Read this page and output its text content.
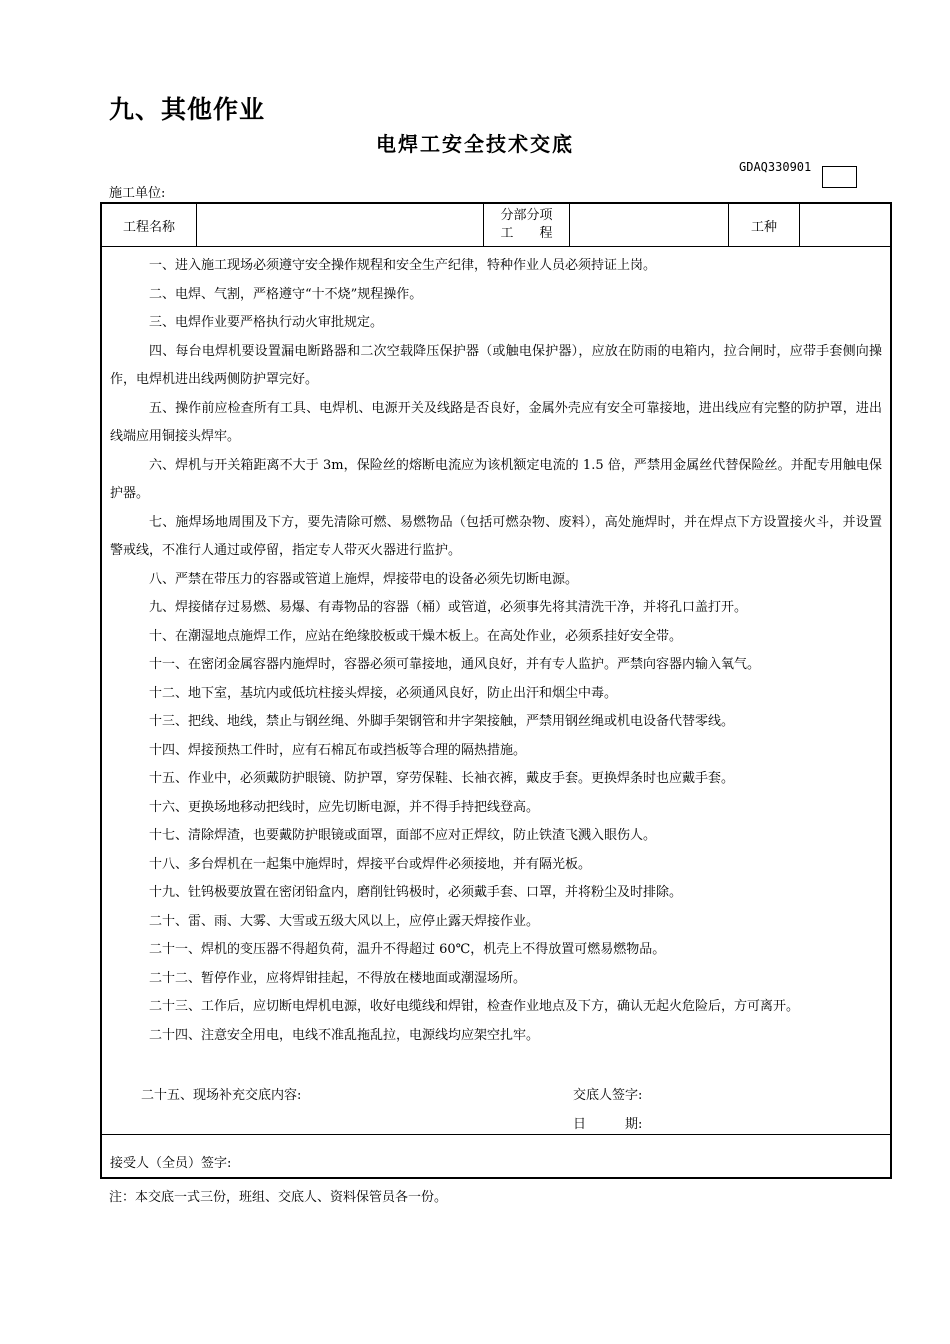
九、其他作业
电焊工安全技术交底
GDAQ330901
施工单位:
工程名称
分部分项
工　　程	工种

一、进入施工现场必须遵守安全操作规程和安全生产纪律，特种作业人员必须持证上岗。

二、电焊、气割，严格遵守“十不烧”规程操作。

三、电焊作业要严格执行动火审批规定。

四、每台电焊机要设置漏电断路器和二次空载降压保护器（或触电保护器），应放在防雨的电箱内，拉合闸时，应带手套侧向操作，电焊机进出线两侧防护罩完好。

五、操作前应检查所有工具、电焊机、电源开关及线路是否良好，金属外壳应有安全可靠接地，进出线应有完整的防护罩，进出线端应用铜接头焊牢。

六、焊机与开关箱距离不大于 3m，保险丝的熔断电流应为该机额定电流的 1.5 倍，严禁用金属丝代替保险丝。并配专用触电保护器。

七、施焊场地周围及下方，要先清除可燃、易燃物品（包括可燃杂物、废料），高处施焊时，并在焊点下方设置接火斗，并设置警戒线，不准行人通过或停留，指定专人带灭火器进行监护。

八、严禁在带压力的容器或管道上施焊，焊接带电的设备必须先切断电源。

九、焊接储存过易燃、易爆、有毒物品的容器（桶）或管道，必须事先将其清洗干净，并将孔口盖打开。

十、在潮湿地点施焊工作，应站在绝缘胶板或干燥木板上。在高处作业，必须系挂好安全带。

十一、在密闭金属容器内施焊时，容器必须可靠接地，通风良好，并有专人监护。严禁向容器内输入氧气。

十二、地下室，基坑内或低坑柱接头焊接，必须通风良好，防止出汗和烟尘中毒。

十三、把线、地线，禁止与钢丝绳、外脚手架钢管和井字架接触，严禁用钢丝绳或机电设备代替零线。

十四、焊接预热工件时，应有石棉瓦布或挡板等合理的隔热措施。

十五、作业中，必须戴防护眼镜、防护罩，穿劳保鞋、长袖衣裤，戴皮手套。更换焊条时也应戴手套。

十六、更换场地移动把线时，应先切断电源，并不得手持把线登高。

十七、清除焊渣，也要戴防护眼镜或面罩，面部不应对正焊纹，防止铁渣飞溅入眼伤人。

十八、多台焊机在一起集中施焊时，焊接平台或焊件必须接地，并有隔光板。

十九、钍钨极要放置在密闭铅盒内，磨削钍钨极时，必须戴手套、口罩，并将粉尘及时排除。

二十、雷、雨、大雾、大雪或五级大风以上，应停止露天焊接作业。

二十一、焊机的变压器不得超负荷，温升不得超过 60℃，机壳上不得放置可燃易燃物品。

二十二、暂停作业，应将焊钳挂起，不得放在楼地面或潮湿场所。

二十三、工作后，应切断电焊机电源，收好电缆线和焊钳，检查作业地点及下方，确认无起火危险后，方可离开。

二十四、注意安全用电，电线不准乱拖乱拉，电源线均应架空扎牢。

二十五、现场补充交底内容:	交底人签字:
日　　　期:
接受人（全员）签字:
注：本交底一式三份，班组、交底人、资料保管员各一份。
